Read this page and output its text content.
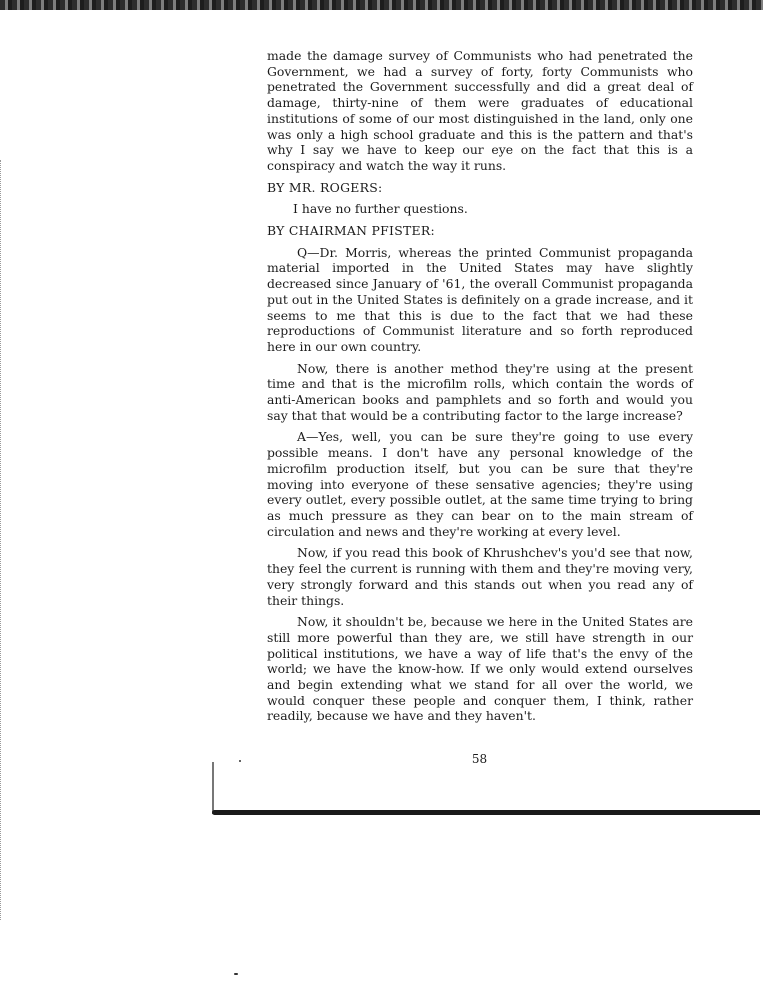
made the damage survey of Communists who had penetrated the Government, we had a survey of forty, forty Communists who penetrated the Government successfully and did a great deal of damage, thirty-nine of them were graduates of educational institutions of some of our most distinguished in the land, only one was only a high school graduate and this is the pattern and that's why I say we have to keep our eye on the fact that this is a conspiracy and watch the way it runs.

BY MR. ROGERS:

I have no further questions.

BY CHAIRMAN PFISTER:

Q—Dr. Morris, whereas the printed Communist propaganda material imported in the United States may have slightly decreased since January of '61, the overall Communist propaganda put out in the United States is definitely on a grade increase, and it seems to me that this is due to the fact that we had these reproductions of Communist literature and so forth reproduced here in our own country.

Now, there is another method they're using at the present time and that is the microfilm rolls, which contain the words of anti-American books and pamphlets and so forth and would you say that that would be a contributing factor to the large increase?

A—Yes, well, you can be sure they're going to use every possible means. I don't have any personal knowledge of the microfilm production itself, but you can be sure that they're moving into everyone of these sensative agencies; they're using every outlet, every possible outlet, at the same time trying to bring as much pressure as they can bear on to the main stream of circulation and news and they're working at every level.

Now, if you read this book of Khrushchev's you'd see that now, they feel the current is running with them and they're moving very, very strongly forward and this stands out when you read any of their things.

Now, it shouldn't be, because we here in the United States are still more powerful than they are, we still have strength in our political institutions, we have a way of life that's the envy of the world; we have the know-how. If we only would extend ourselves and begin extending what we stand for all over the world, we would conquer these people and conquer them, I think, rather readily, because we have and they haven't.

58
